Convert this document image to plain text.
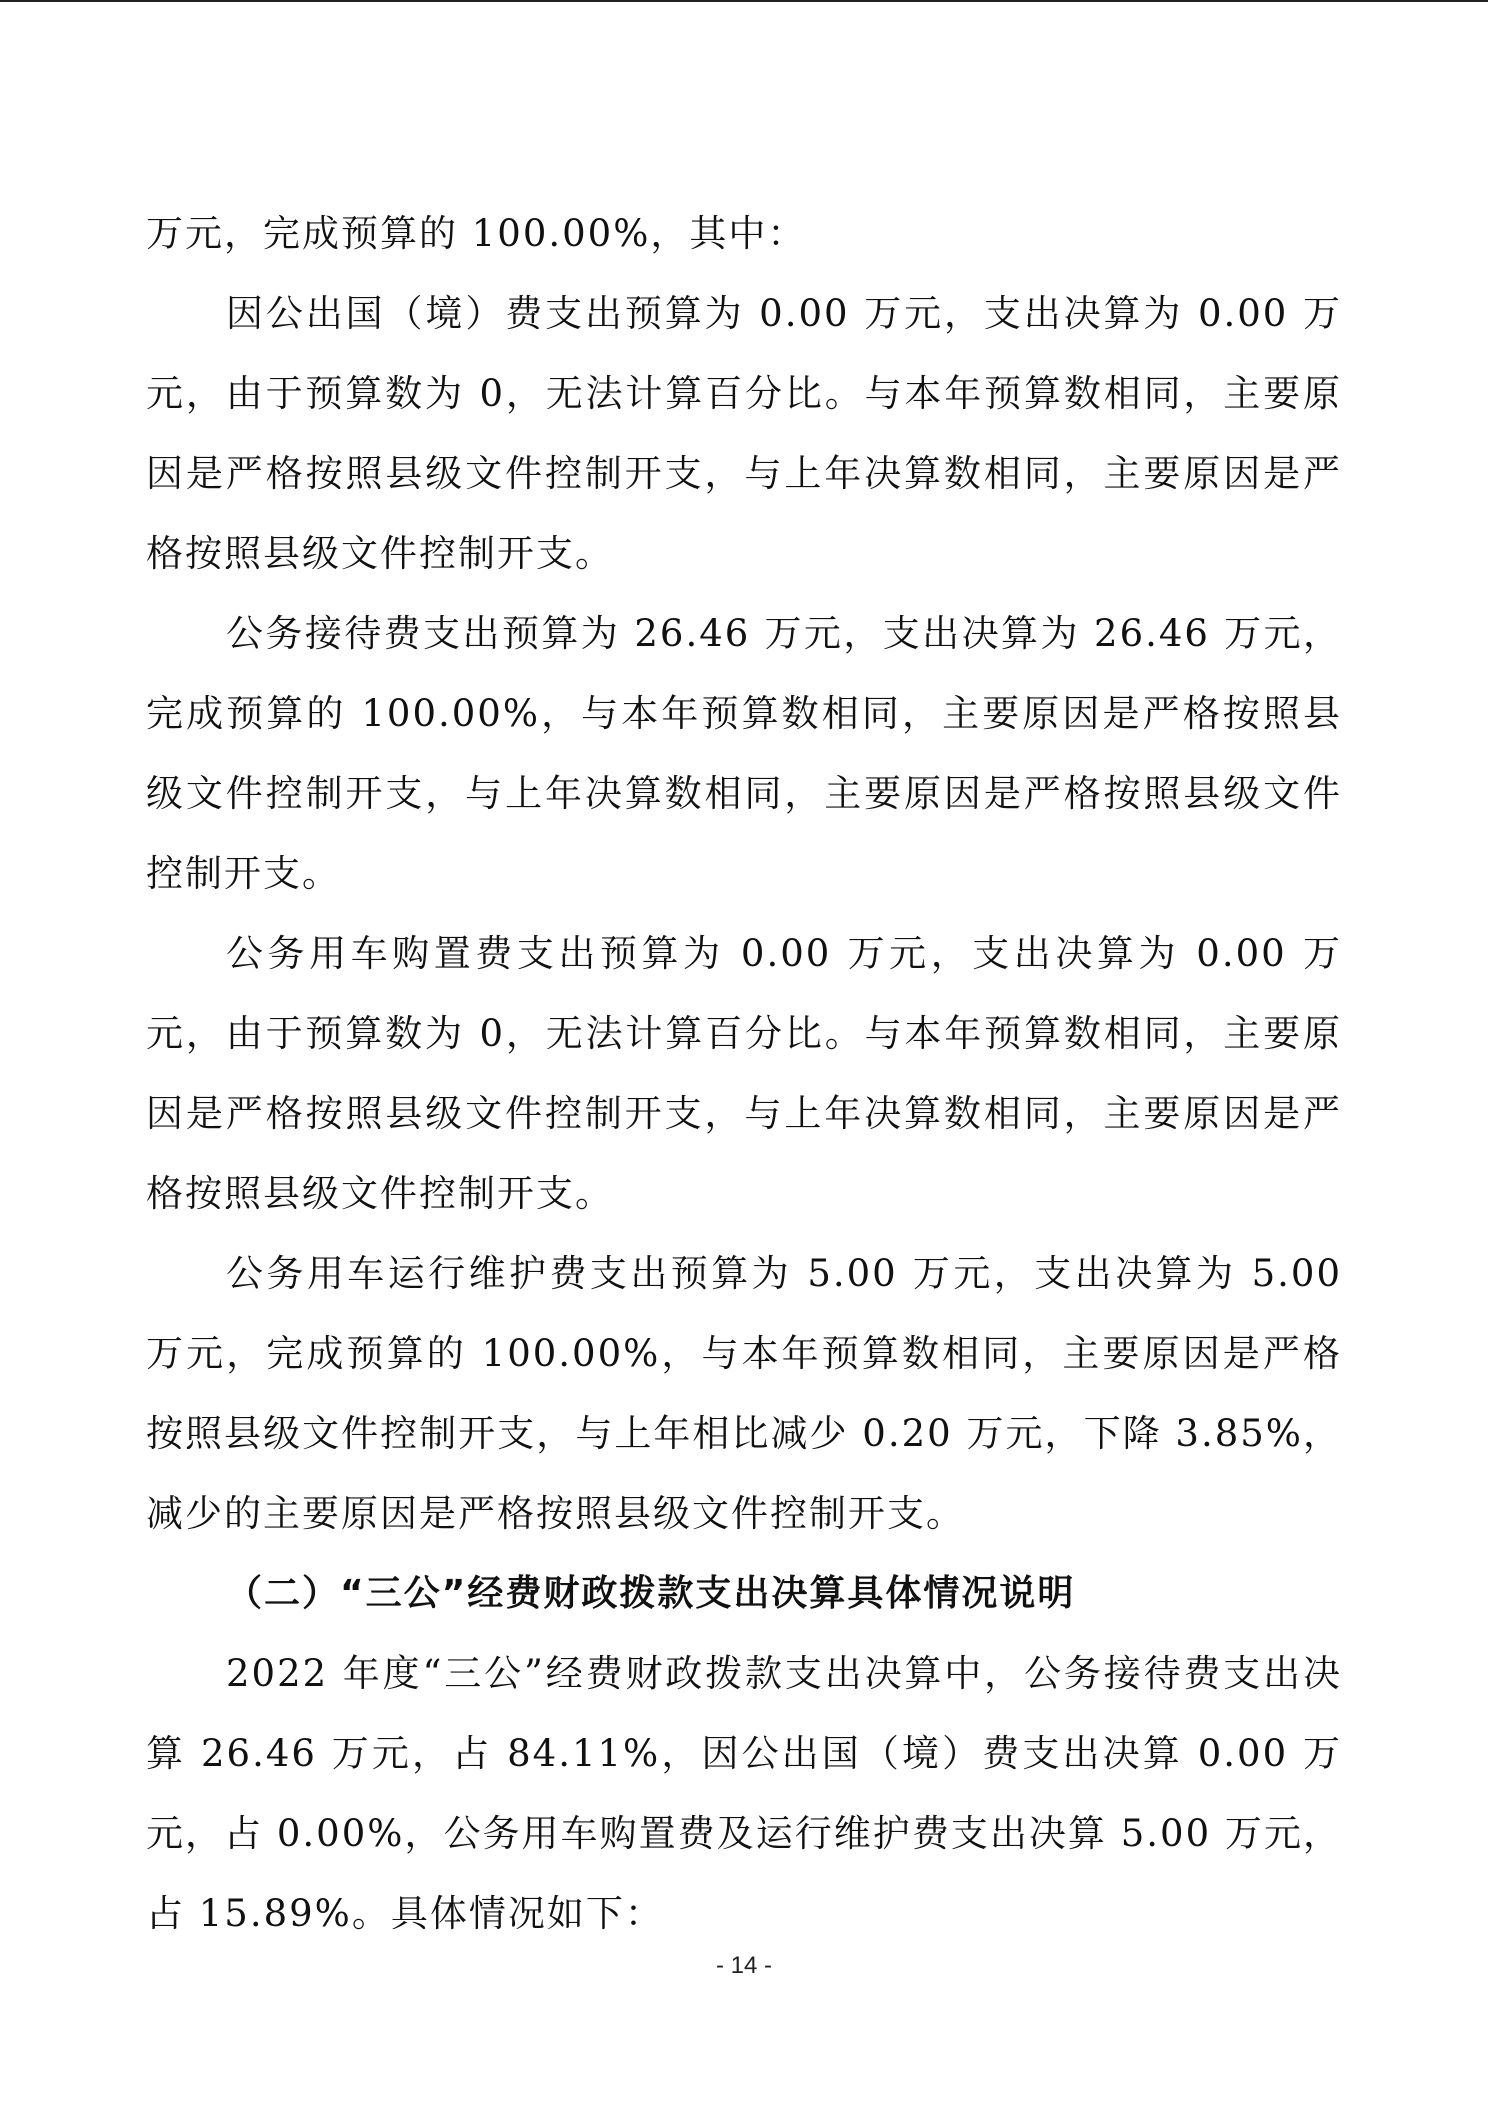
万元，完成预算的 100.00%，其中：

因公出国（境）费支出预算为 0.00 万元，支出决算为 0.00 万元，由于预算数为 0，无法计算百分比。与本年预算数相同，主要原因是严格按照县级文件控制开支，与上年决算数相同，主要原因是严格按照县级文件控制开支。

公务接待费支出预算为 26.46 万元，支出决算为 26.46 万元，完成预算的 100.00%，与本年预算数相同，主要原因是严格按照县级文件控制开支，与上年决算数相同，主要原因是严格按照县级文件控制开支。

公务用车购置费支出预算为 0.00 万元，支出决算为 0.00 万元，由于预算数为 0，无法计算百分比。与本年预算数相同，主要原因是严格按照县级文件控制开支，与上年决算数相同，主要原因是严格按照县级文件控制开支。

公务用车运行维护费支出预算为 5.00 万元，支出决算为 5.00 万元，完成预算的 100.00%，与本年预算数相同，主要原因是严格按照县级文件控制开支，与上年相比减少 0.20 万元，下降 3.85%，减少的主要原因是严格按照县级文件控制开支。

（二）“三公”经费财政拨款支出决算具体情况说明

2022 年度“三公”经费财政拨款支出决算中，公务接待费支出决算 26.46 万元，占 84.11%，因公出国（境）费支出决算 0.00 万元，占 0.00%，公务用车购置费及运行维护费支出决算 5.00 万元，占 15.89%。具体情况如下：

- 14 -
